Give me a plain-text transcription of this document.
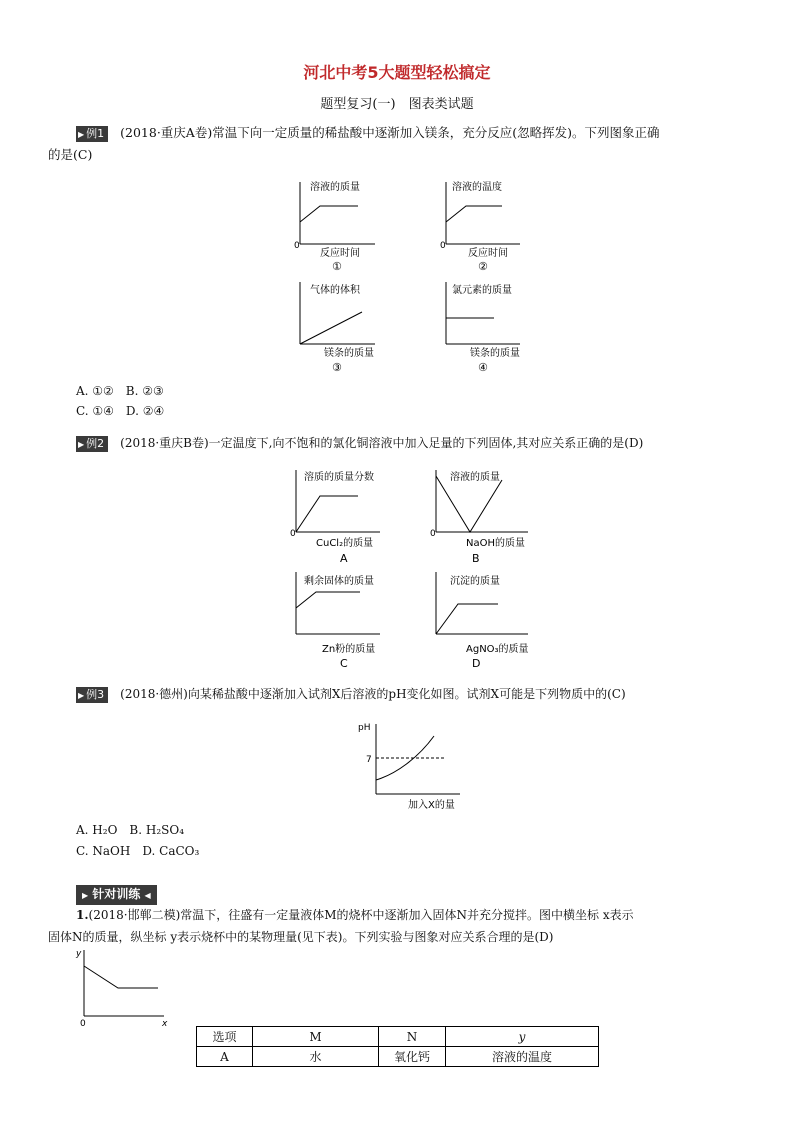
河北中考5大题型轻松搞定
题型复习(一)　图表类试题
▶ 例1 (2018·重庆A卷)常温下向一定质量的稀盐酸中逐渐加入镁条，充分反应(忽略挥发)。下列图象正确
的是(C)
0
溶液的质量
反应时间
①
0
溶液的温度
反应时间
②
气体的体积
镁条的质量
③
氯元素的质量
镁条的质量
④
A. ①②　B. ②③
C. ①④　D. ②④
▶ 例2 (2018·重庆B卷)一定温度下,向不饱和的氯化铜溶液中加入足量的下列固体,其对应关系正确的是(D)
0
溶质的质量分数
CuCl₂的质量
A
0
溶液的质量
NaOH的质量
B
剩余固体的质量
Zn粉的质量
C
沉淀的质量
AgNO₃的质量
D
▶ 例3 (2018·德州)向某稀盐酸中逐渐加入试剂X后溶液的pH变化如图。试剂X可能是下列物质中的(C)
pH
7
加入X的量
A. H₂O　B. H₂SO₄
C. NaOH　D. CaCO₃
▶ 针对训练 ◀
1.(2018·邯郸二模)常温下，往盛有一定量液体M的烧杯中逐渐加入固体N并充分搅拌。图中横坐标 x表示
固体N的质量，纵坐标 y表示烧杯中的某物理量(见下表)。下列实验与图象对应关系合理的是(D)
y
0	x
选项	M	N	y
A	水	氧化钙	溶液的温度
